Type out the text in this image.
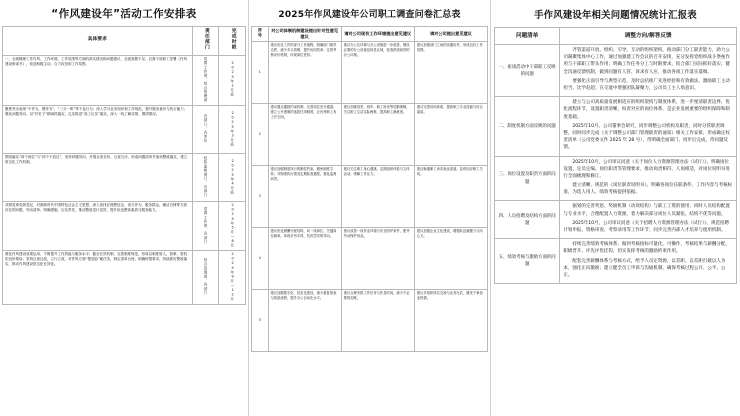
“作风建设年”活动工作安排表
具体要求	责任部门	完成时限
一、全面梳理工作作风、工作环境、工作氛围等方面的真实情况和问题建议，全面查摆不足、自我干部职工签署《作风建设承诺书》，营造积极主动、合力攻坚的工作氛围。	党群工作部、综合管理部	2025年2月底
聚焦突出表现“不作为、慢作为”，“三分一哄”等不良行为；深入学习业务知识和工作规范，提升服务意识与执行能力；强化问题导向，以“钉钉子”精神抓落实，扎实推进“高工压实”落实，深入一线了解实情，摸清情况。	各部门、各单位	2025年3月底
围绕落实“四个到位”与“四个不放过”，坚持问题导向，开展自查自纠、互查互评，形成问题清单并逐项整改落实，建立常态化工作机制。	纪检监察部门、各部门	2025年4月底
对照党章党规党纪，对照新时代中国特色社会主义思想，深入查找在理想信念、担当作为、服务群众、廉洁自律等方面存在的问题，列出清单、明确措施、压实责任，推动整改见行见效，提升队伍整体素质与服务能力。	党群工作部、各部门	2025年5月—8月
强化作风建设成果运用，不断提升工作效能与服务水平；健全长效机制，完善制度规范，形成以制度管人、管事、管权的良好格局；坚持边查边改、立行立改，对作风方面“慢变脸”硬任务，制定清单台账，明确时限要求，持续抓好整改落实，推动作风建设常态化长效化。	综合管理部、各部门	2025年9月—12月
2025年作风建设年公司职工调查问卷汇总表
序号	对公司体制机制建设提出针对性意见建议	请对公司现有工作环境提出意见建议	请对公司提出意见建议
1	建议优化工作的部分工作流程，明确部门职责边界，减少多头管理，提升协同效率；完善考核评价机制，体现岗位差异。	建议办公区环境与办公设施进一步改善，增设必要的办公设备及休息区域，营造舒适高效的办公环境。	建议加强部门之间的沟通协作，形成良好工作氛围。
2	建议健全激励约束机制，完善岗位晋升通道，建立公开透明的选拔任用制度，让优秀职工有上升空间。	建议加强食堂、班车、职工宿舍等后勤保障，关注职工生活实际困难，提高职工满意度。	建议完善培训体系，提高职工专业技能与综合素质。
3	建议加强制度执行的刚性约束，避免制度空转；对制度执行情况定期检查通报，强化监督问责。	建议关注职工身心健康，定期组织体检与文体活动，缓解工作压力。	建议畅通职工诉求表达渠道，及时回应职工关切。
4	建议优化薪酬分配结构，向一线岗位、关键岗位倾斜，体现多劳多得、奖优罚劣的导向。	建议改善一线作业环境与安全防护条件，配齐劳动保护用品。	建议加强企业文化建设，增强队伍凝聚力与向心力。
5	建议加强数字化、信息化建设，减少重复报表与纸质流程，提升办公自动化水平。	建议合理安排工作任务与作息时间，减少不必要的加班。	建议多组织岗位交流与业务比武，激发干事创业热情。
手作风建设年相关问题情况统计汇报表
问题清单	调整方向/解答反馈
一、座谈活动中干部职工反映的问题	齐管渠道开放、组织、引导、互动的组织架构，推动部门分工职责能力，助力公司凝聚集体中心工作，通过加强建工作会议的召开安排，充分发挥党组织战斗堡垒作用与干部职工带头作用；明确工作任务分工与时限要求，结合部门实际抓好落实；健全沟通反馈机制，做到问题有人管、诉求有人应，推动各项工作落实落细。

要强化正面引导与典型示范，及时总结推广先进经验和有效做法，激励职工主动担当、比学赶超；在交流中增强团队凝聚力，公司员工主人翁意识。

二、制度机制方面反映的问题	建立与公司高质量发展相适应的组织架构与制度体系，进一步厘清职责边界、优化流程环节，设置职责清晰、权责对应的岗位体系，是企业发展重要的组织保障和制度基础。

2025年10月。公司董事会研究，同步调整公司机构及职责，同时分管职责调整，同时同步完成《关于调整公司部门管理职责的通知》相关工作安排，形成确定权责清单（公司党委文件 2025 年 28 号），待明确全面部门、同步后完成，待问题反馈。

三、岗位设置及职责方面的问题	2025年10月，公司审议同意《关于岗位人力资源管理办法（试行）》，明确岗位设置、定员定编、岗位职责等管理要求，推动岗责相符、人岗相适，对岗位说明书进行全面梳理和修订。

建立清晰、规范的《岗位职责说明书》，明确各岗位任职条件、工作内容与考核标准，为选人用人、绩效考核提供依据。

四、人员招聘及结构方面的问题	据划的完善奖惩、奖励机制（动效结构）与职工工资的使用；同时人员结构配置与专业水平，合理配置人力资源，着力解决部分岗位人员紧张、结构不优等问题。

2025年10月，公司审议同意《关于招聘人力资源管理办法（试行）》，规范招聘计划申报、资格审查、考察录用等工作环节；同步完善内部人才培养与使用机制。

五、绩效考核与激励方面的问题	持续完善绩效考核体系，做到考核指标可量化、可操作，考核结果与薪酬分配、职级晋升、评先评优挂钩，切实发挥考核的激励约束作用。

配套完善薪酬体系与考核方式，给予人员定资源，以差距、以差距打破以人为本，强化正向激励；建立健全员工申诉与沟通机制，确保考核过程公开、公平、公正。
